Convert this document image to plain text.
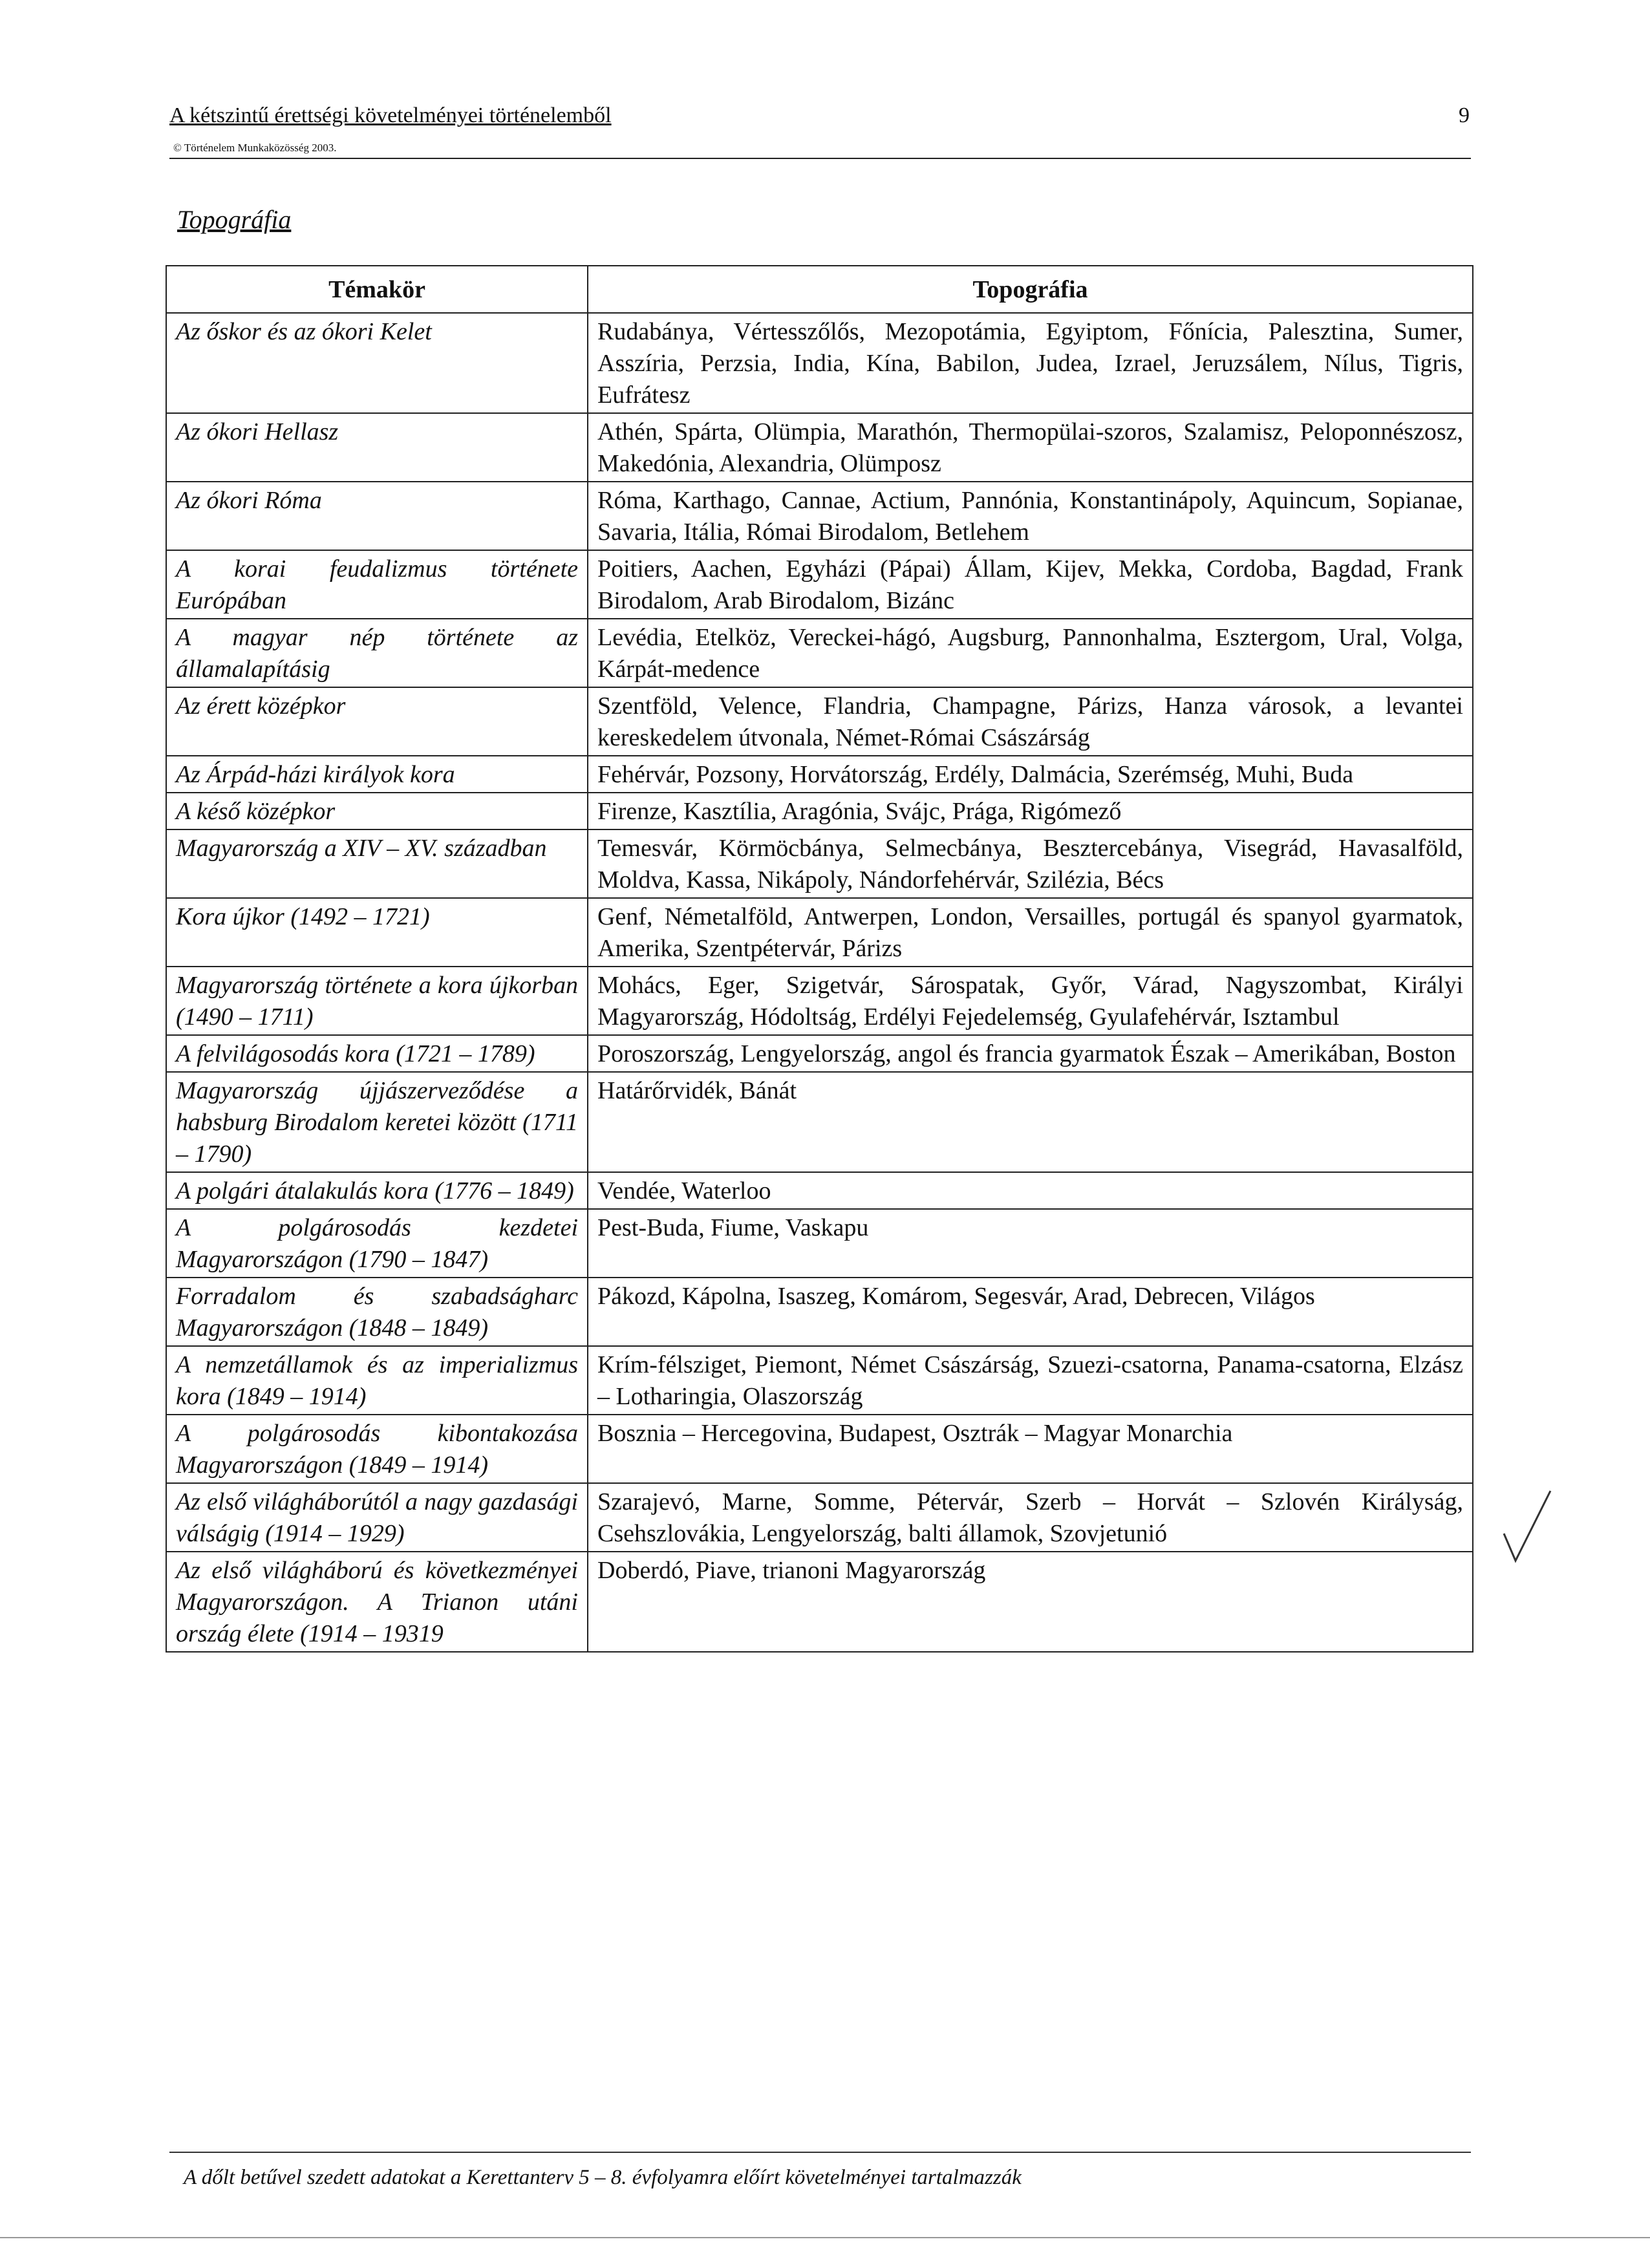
A kétszintű érettségi követelményei történelemből
© Történelem Munkaközösség 2003.
9
Topográfia
Témakör	Topográfia
Az őskor és az ókori Kelet	Rudabánya, Vértesszőlős, Mezopotámia, Egyiptom, Főnícia, Palesztina, Sumer, Asszíria, Perzsia, India, Kína, Babilon, Judea, Izrael, Jeruzsálem, Nílus, Tigris, Eufrátesz
Az ókori Hellasz	Athén, Spárta, Olümpia, Marathón, Thermopülai-szoros, Szalamisz, Peloponnészosz, Makedónia, Alexandria, Olümposz
Az ókori Róma	Róma, Karthago, Cannae, Actium, Pannónia, Konstantinápoly, Aquincum, Sopianae, Savaria, Itália, Római Birodalom, Betlehem
A korai feudalizmus története Európában	Poitiers, Aachen, Egyházi (Pápai) Állam, Kijev, Mekka, Cordoba, Bagdad, Frank Birodalom, Arab Birodalom, Bizánc
A magyar nép története az államalapításig	Levédia, Etelköz, Vereckei-hágó, Augsburg, Pannonhalma, Esztergom, Ural, Volga, Kárpát-medence
Az érett középkor	Szentföld, Velence, Flandria, Champagne, Párizs, Hanza városok, a levantei kereskedelem útvonala, Német-Római Császárság
Az Árpád-házi királyok kora	Fehérvár, Pozsony, Horvátország, Erdély, Dalmácia, Szerémség, Muhi, Buda
A késő középkor	Firenze, Kasztília, Aragónia, Svájc, Prága, Rigómező
Magyarország a XIV – XV. században	Temesvár, Körmöcbánya, Selmecbánya, Besztercebánya, Visegrád, Havasalföld, Moldva, Kassa, Nikápoly, Nándorfehérvár, Szilézia, Bécs
Kora újkor (1492 – 1721)	Genf, Németalföld, Antwerpen, London, Versailles, portugál és spanyol gyarmatok, Amerika, Szentpétervár, Párizs
Magyarország története a kora újkorban (1490 – 1711)	Mohács, Eger, Szigetvár, Sárospatak, Győr, Várad, Nagyszombat, Királyi Magyarország, Hódoltság, Erdélyi Fejedelemség, Gyulafehérvár, Isztambul
A felvilágosodás kora (1721 – 1789)	Poroszország, Lengyelország, angol és francia gyarmatok Észak – Amerikában, Boston
Magyarország újjászerveződése a habsburg Birodalom keretei között (1711 – 1790)	Határőrvidék, Bánát
A polgári átalakulás kora (1776 – 1849)	Vendée, Waterloo
A polgárosodás kezdetei Magyarországon (1790 – 1847)	Pest-Buda, Fiume, Vaskapu
Forradalom és szabadságharc Magyarországon (1848 – 1849)	Pákozd, Kápolna, Isaszeg, Komárom, Segesvár, Arad, Debrecen, Világos
A nemzetállamok és az imperializmus kora (1849 – 1914)	Krím-félsziget, Piemont, Német Császárság, Szuezi-csatorna, Panama-csatorna, Elzász – Lotharingia, Olaszország
A polgárosodás kibontakozása Magyarországon (1849 – 1914)	Bosznia – Hercegovina, Budapest, Osztrák – Magyar Monarchia
Az első világháborútól a nagy gazdasági válságig (1914 – 1929)	Szarajevó, Marne, Somme, Pétervár, Szerb – Horvát – Szlovén Királyság, Csehszlovákia, Lengyelország, balti államok, Szovjetunió
Az első világháború és következményei Magyarországon. A Trianon utáni ország élete (1914 – 19319	Doberdó, Piave, trianoni Magyarország
A dőlt betűvel szedett adatokat a Kerettanterv 5 – 8. évfolyamra előírt követelményei tartalmazzák
